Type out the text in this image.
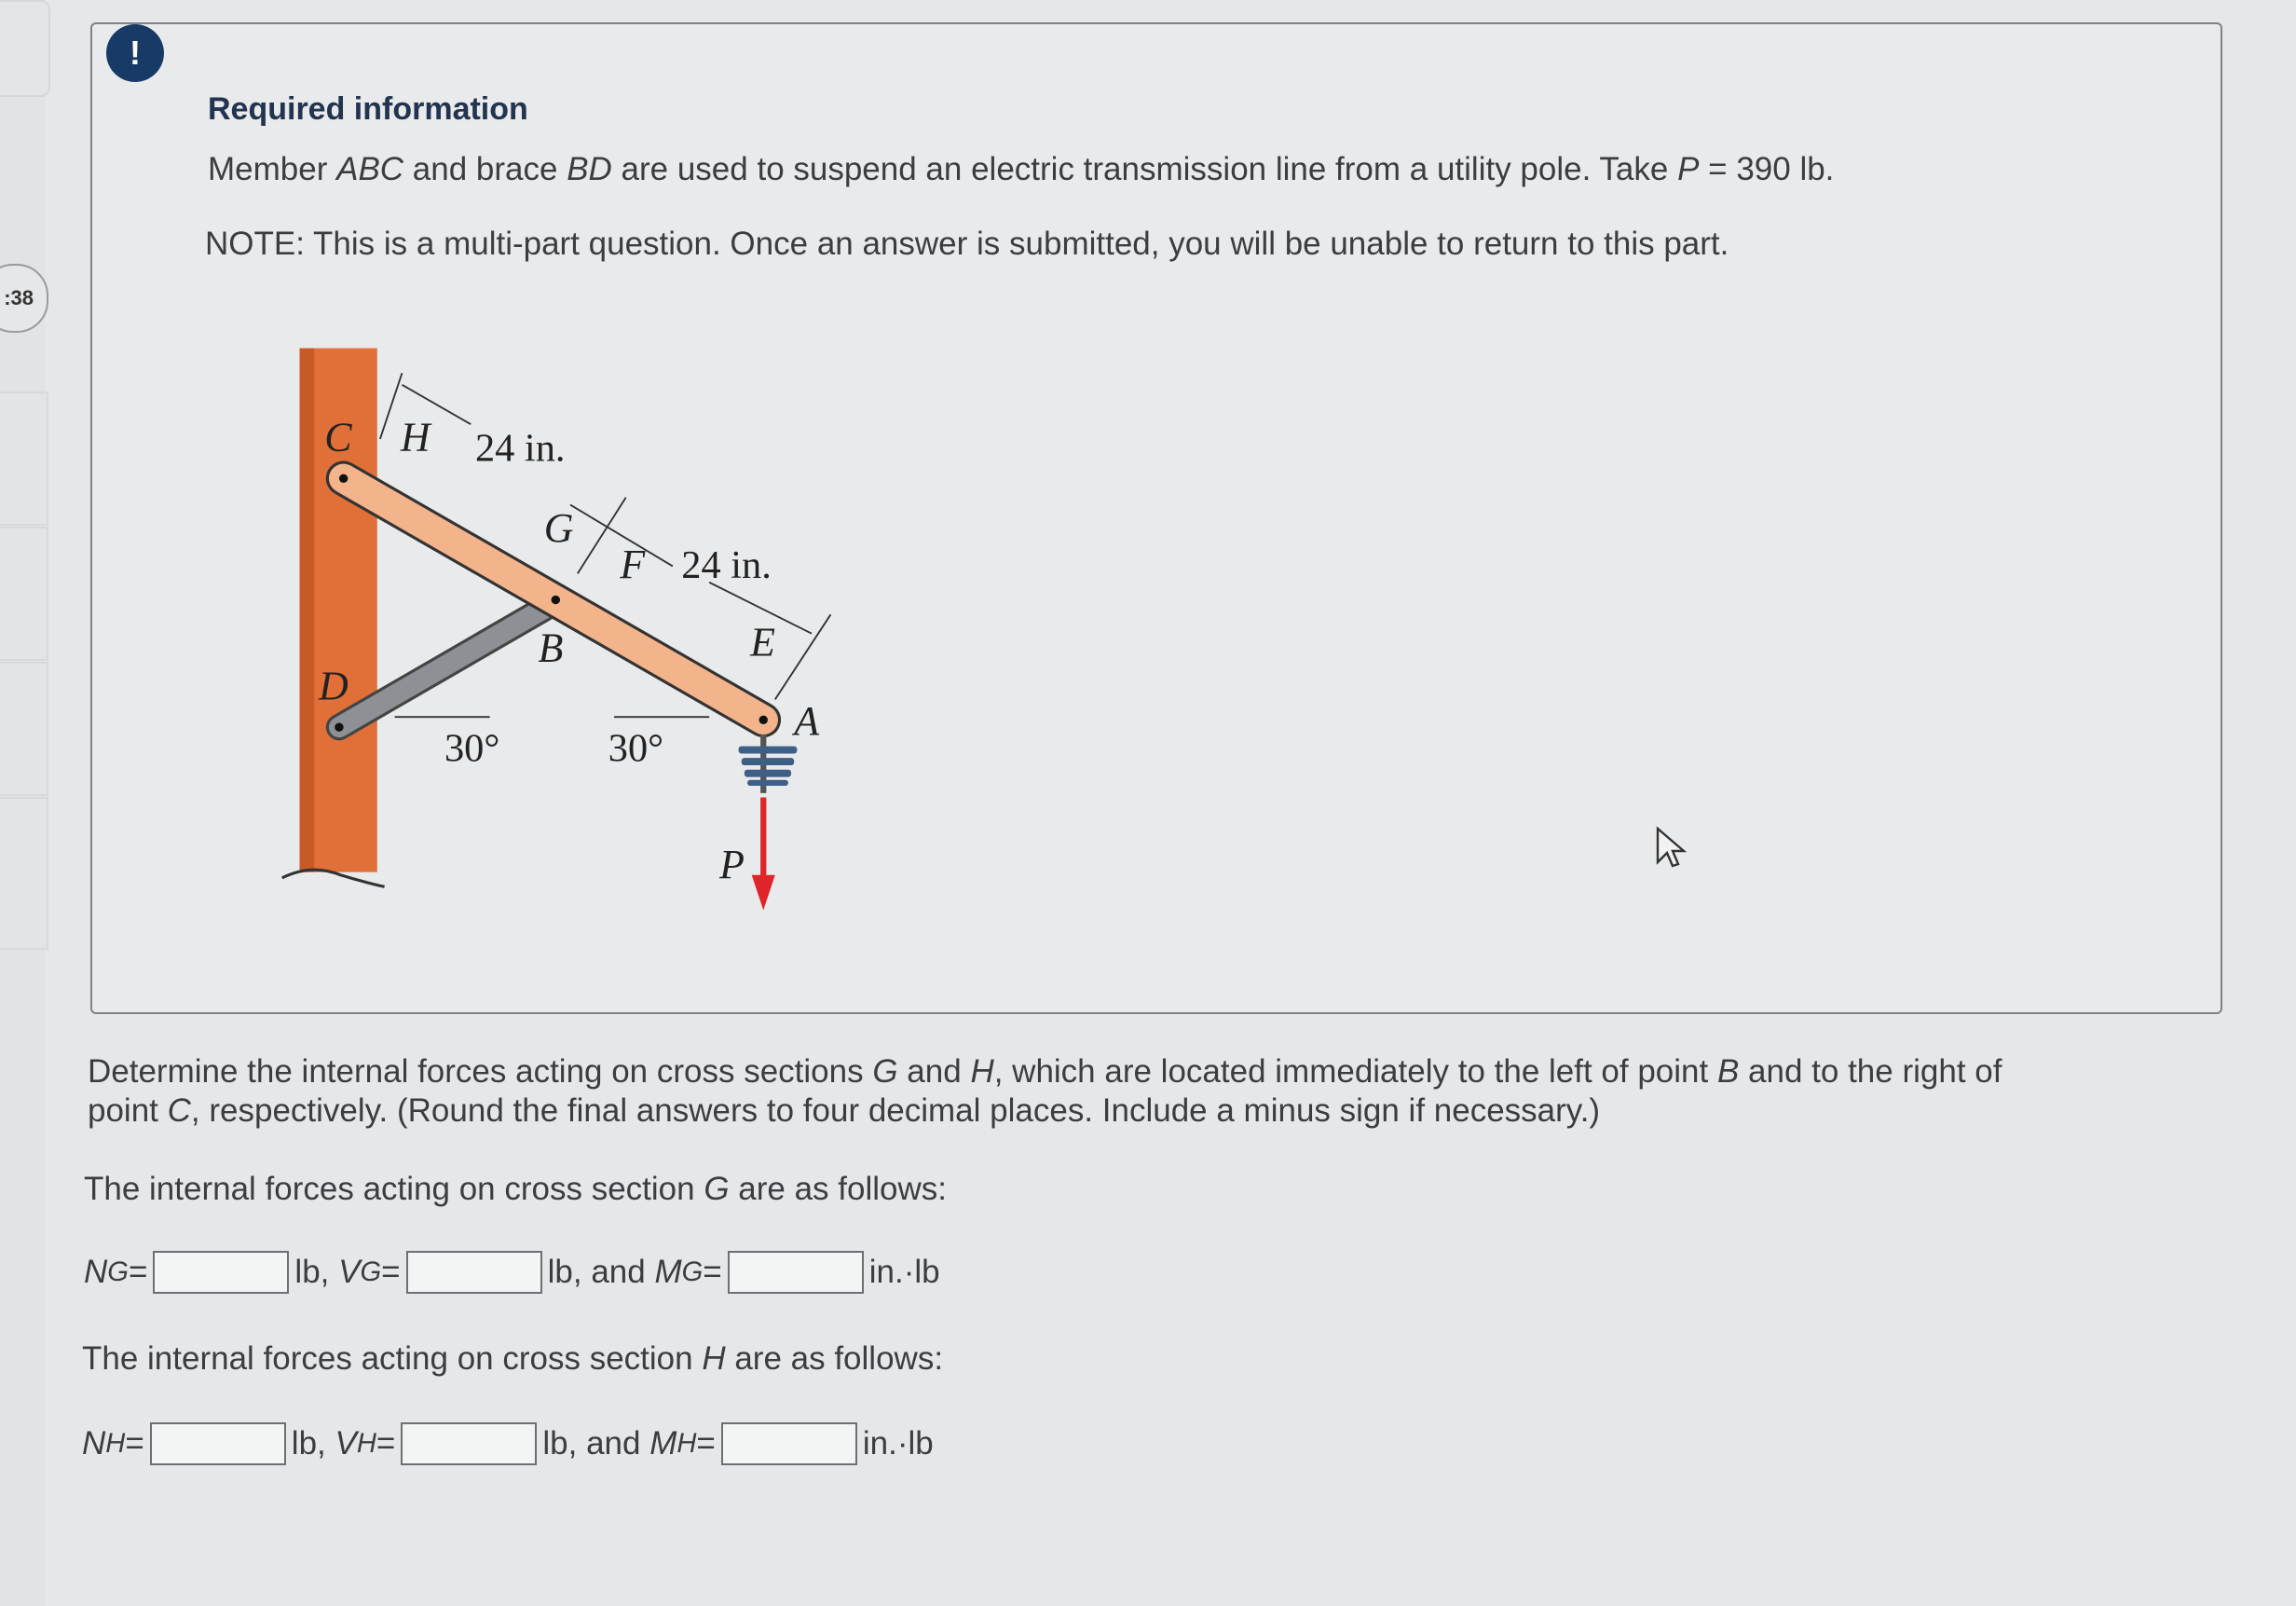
:38
!
Required information
Member ABC and brace BD are used to suspend an electric transmission line from a utility pole. Take P = 390 lb.
NOTE: This is a multi-part question. Once an answer is submitted, you will be unable to return to this part.
C H
G
F
B	E
D
A
P
24 in.
24 in.
30°	30°
Determine the internal forces acting on cross sections G and H, which are located immediately to the left of point B and to the right of
point C, respectively. (Round the final answers to four decimal places. Include a minus sign if necessary.)
The internal forces acting on cross section G are as follows:
N G =	lb,
V G =	lb, and
M G =	in.·lb
The internal forces acting on cross section H are as follows:
N H =	lb,
V H =	lb, and
M H =	in.·lb
